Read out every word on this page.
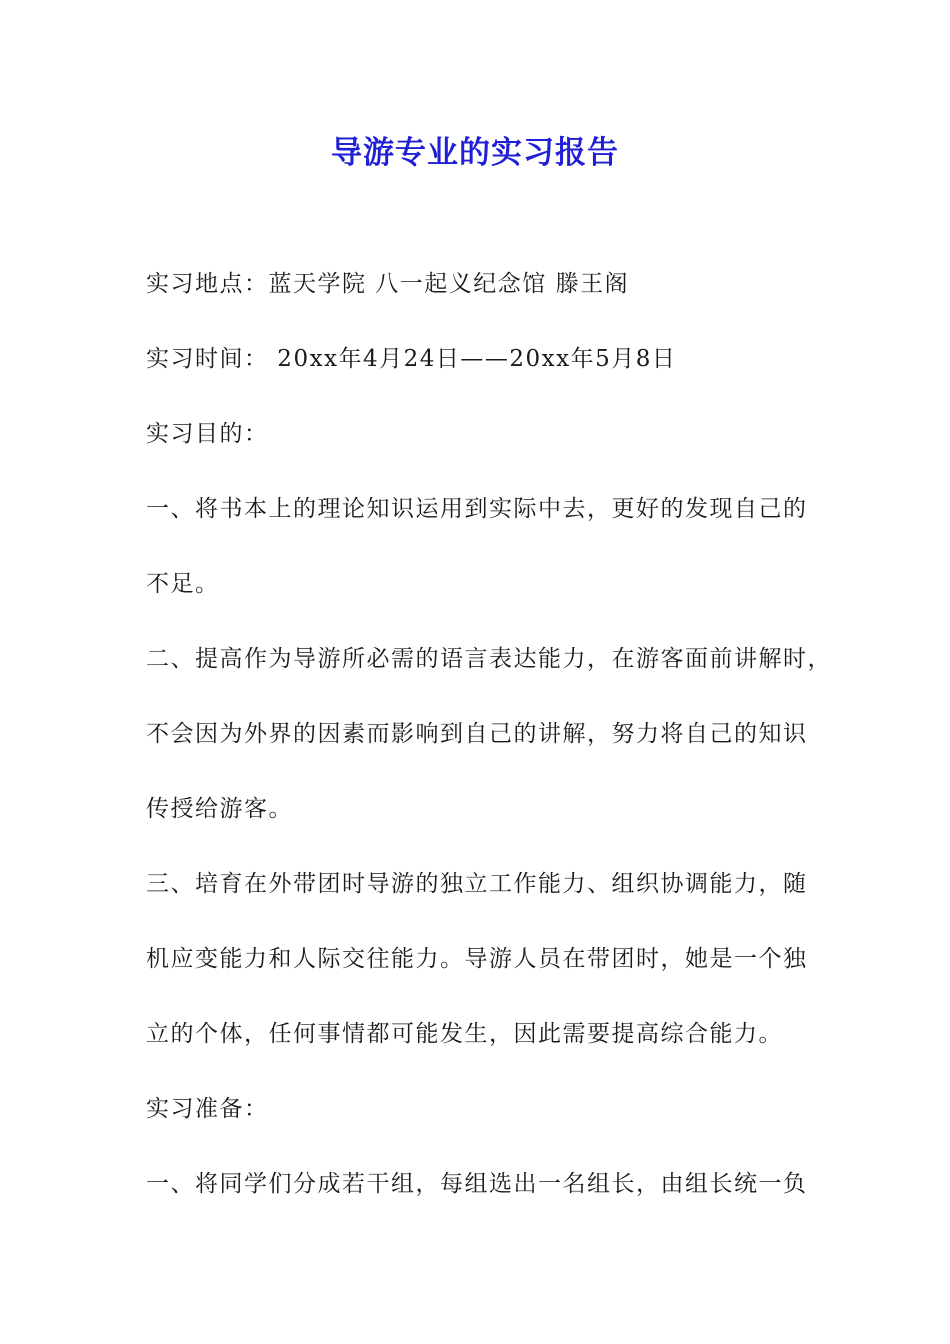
导游专业的实习报告

实习地点：蓝天学院 八一起义纪念馆 滕王阁

实习时间： 20xx年4月24日——20xx年5月8日

实习目的：

一、将书本上的理论知识运用到实际中去，更好的发现自己的

不足。

二、提高作为导游所必需的语言表达能力，在游客面前讲解时，

不会因为外界的因素而影响到自己的讲解，努力将自己的知识

传授给游客。

三、培育在外带团时导游的独立工作能力、组织协调能力，随

机应变能力和人际交往能力。导游人员在带团时，她是一个独

立的个体，任何事情都可能发生，因此需要提高综合能力。

实习准备：

一、将同学们分成若干组，每组选出一名组长，由组长统一负
